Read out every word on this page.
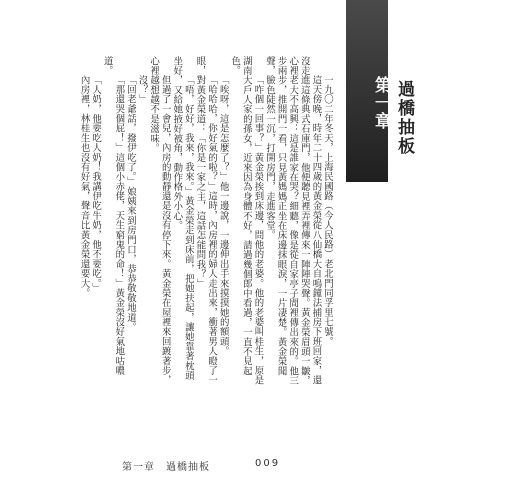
一九〇二年冬天，上海民國路（今人民路）老北門同孚里七號。

這天傍晚，時年二十四歲的黃金榮從八仙橋大自鳴鐘法捕房下班回家，還沒走進這條典式石庫門，他便聽見裡弄裡傳來一陣陣哭聲。黃金榮眉頭一皺，心裡老大不高興：這是誰家在哭？細聽，像是從自家亭子間裡傳出來的。他三步兩步，推開門一看，只見黃媽媽正坐在床邊抹眼淚，一片凄楚。黃金榮聞聲，臉色陡然一沉，打開房門，走進客堂。

「咋個一回事？」黃金榮挨到床邊，問他的老婆。他的老婆叫桂生，原是湖南大戶人家的孫女，近來因為身體不好，請過幾個郎中看過，一直不見起色。

「唉呀，這是怎麼了？」他一邊說，一邊伸出手來摸摸她的額頭。

「哈哈哈，你好氣的啦？」這時，內房裡的婦人走出來，衝著男人瞪了一眼，對黃金榮道：「你是一家之主，這話怎能問我？」

「唔，好好，我來，我來。」黃金榮走到床前，把她扶起，讓她靠著枕頭坐好，又給她掖好被角，動作格外小心。

但過了一會兒，內房的動靜還是沒有停下來。黃金榮在屋裡來回踱著步，心裡越想越不是滋味。

沒？」

「回老爺話，撥伊吃了。」娘姨來到房門口，恭恭敬敬地道。

「那還哭個屁！」這個小赤佬，天生窮鬼的命！」黃金榮沒好氣地咕噥道。

「人奶，他要吃人奶！我講伊吃牛奶，他不要吃。」

內房裡，林桂生也沒有好氣，聲音比黃金榮還要大。	第一章 過橋抽板
第一章　過橋抽板	009
